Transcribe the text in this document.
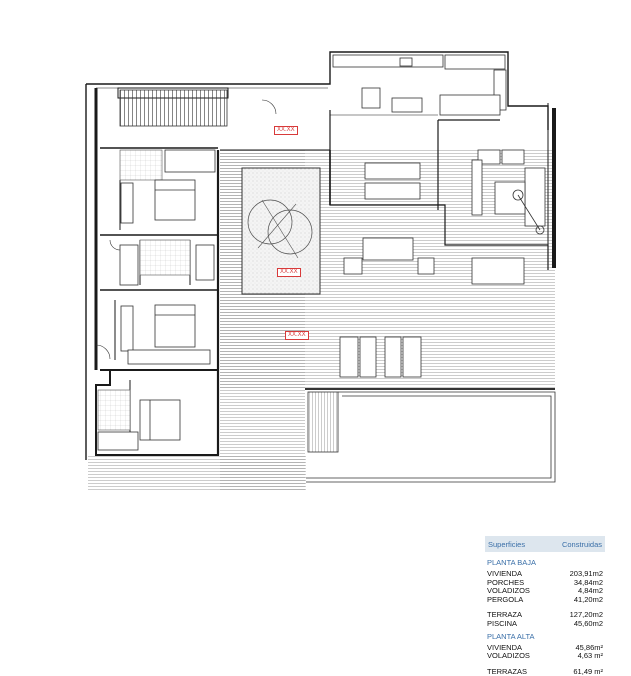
XX.XX
XX.XX
XX.XX
Superficies	Construidas
PLANTA BAJA
VIVIENDA	203,91m2
PORCHES	34,84m2
VOLADIZOS	4,84m2
PERGOLA	41,20m2
TERRAZA	127,20m2
PISCINA	45,60m2
PLANTA ALTA
VIVIENDA	45,86m²
VOLADIZOS	4,63 m²
TERRAZAS	61,49 m²
